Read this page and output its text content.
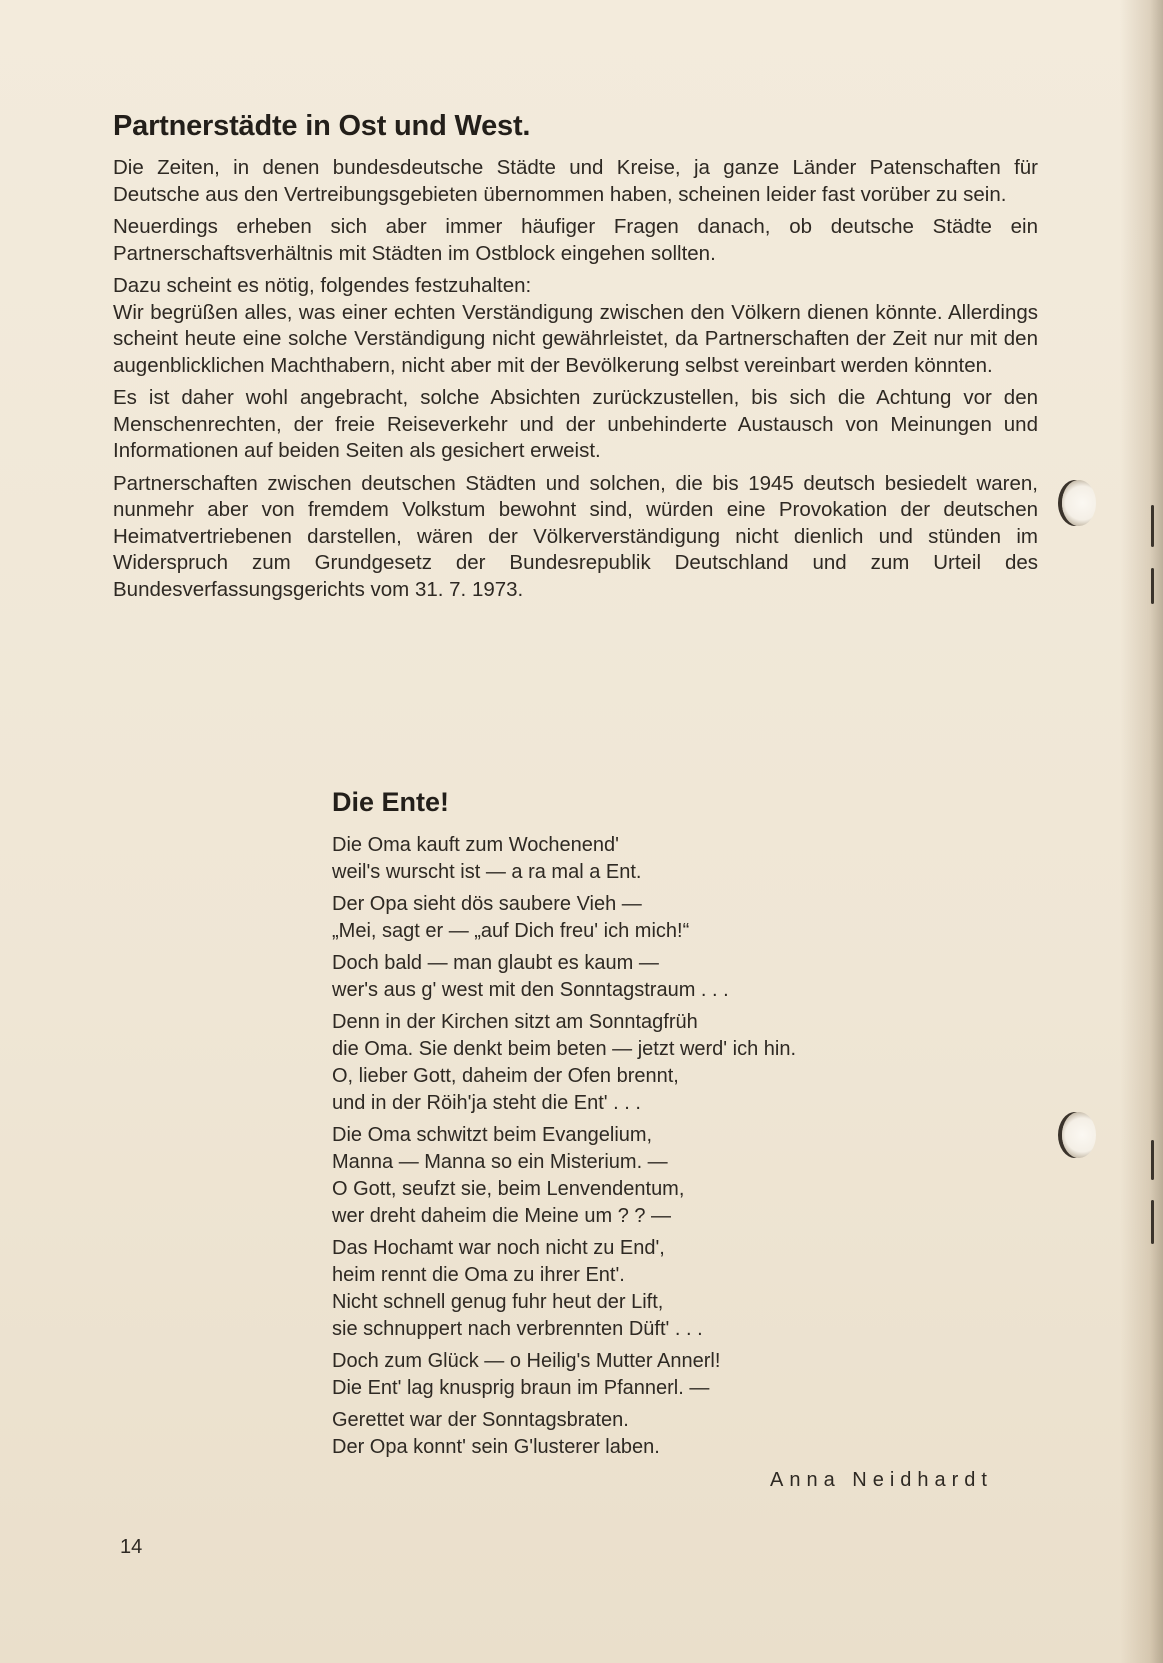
Partnerstädte in Ost und West.

Die Zeiten, in denen bundesdeutsche Städte und Kreise, ja ganze Länder Patenschaften für Deutsche aus den Vertreibungsgebieten übernommen haben, scheinen leider fast vorüber zu sein.

Neuerdings erheben sich aber immer häufiger Fragen danach, ob deutsche Städte ein Partnerschaftsverhältnis mit Städten im Ostblock eingehen sollten.

Dazu scheint es nötig, folgendes festzuhalten:

Wir begrüßen alles, was einer echten Verständigung zwischen den Völkern dienen könnte. Allerdings scheint heute eine solche Verständigung nicht gewährleistet, da Partnerschaften der Zeit nur mit den augenblicklichen Machthabern, nicht aber mit der Bevölkerung selbst vereinbart werden könnten.

Es ist daher wohl angebracht, solche Absichten zurückzustellen, bis sich die Achtung vor den Menschenrechten, der freie Reiseverkehr und der unbehinderte Austausch von Meinungen und Informationen auf beiden Seiten als gesichert erweist.

Partnerschaften zwischen deutschen Städten und solchen, die bis 1945 deutsch besiedelt waren, nunmehr aber von fremdem Volkstum bewohnt sind, würden eine Provokation der deutschen Heimatvertriebenen darstellen, wären der Völkerverständigung nicht dienlich und stünden im Widerspruch zum Grundgesetz der Bundesrepublik Deutschland und zum Urteil des Bundesverfassungsgerichts vom 31. 7. 1973.

Die Ente!
Die Oma kauft zum Wochenend'
weil's wurscht ist — a ra mal a Ent.
Der Opa sieht dös saubere Vieh —
„Mei, sagt er — „auf Dich freu' ich mich!“
Doch bald — man glaubt es kaum —
wer's aus g' west mit den Sonntagstraum . . .
Denn in der Kirchen sitzt am Sonntagfrüh
die Oma. Sie denkt beim beten — jetzt werd' ich hin.
O, lieber Gott, daheim der Ofen brennt,
und in der Röih'ja steht die Ent' . . .
Die Oma schwitzt beim Evangelium,
Manna — Manna so ein Misterium. —
O Gott, seufzt sie, beim Lenvendentum,
wer dreht daheim die Meine um ? ? —
Das Hochamt war noch nicht zu End',
heim rennt die Oma zu ihrer Ent'.
Nicht schnell genug fuhr heut der Lift,
sie schnuppert nach verbrennten Düft' . . .
Doch zum Glück — o Heilig's Mutter Annerl!
Die Ent' lag knusprig braun im Pfannerl. —
Gerettet war der Sonntagsbraten.
Der Opa konnt' sein G'lusterer laben.
Anna Neidhardt
14
